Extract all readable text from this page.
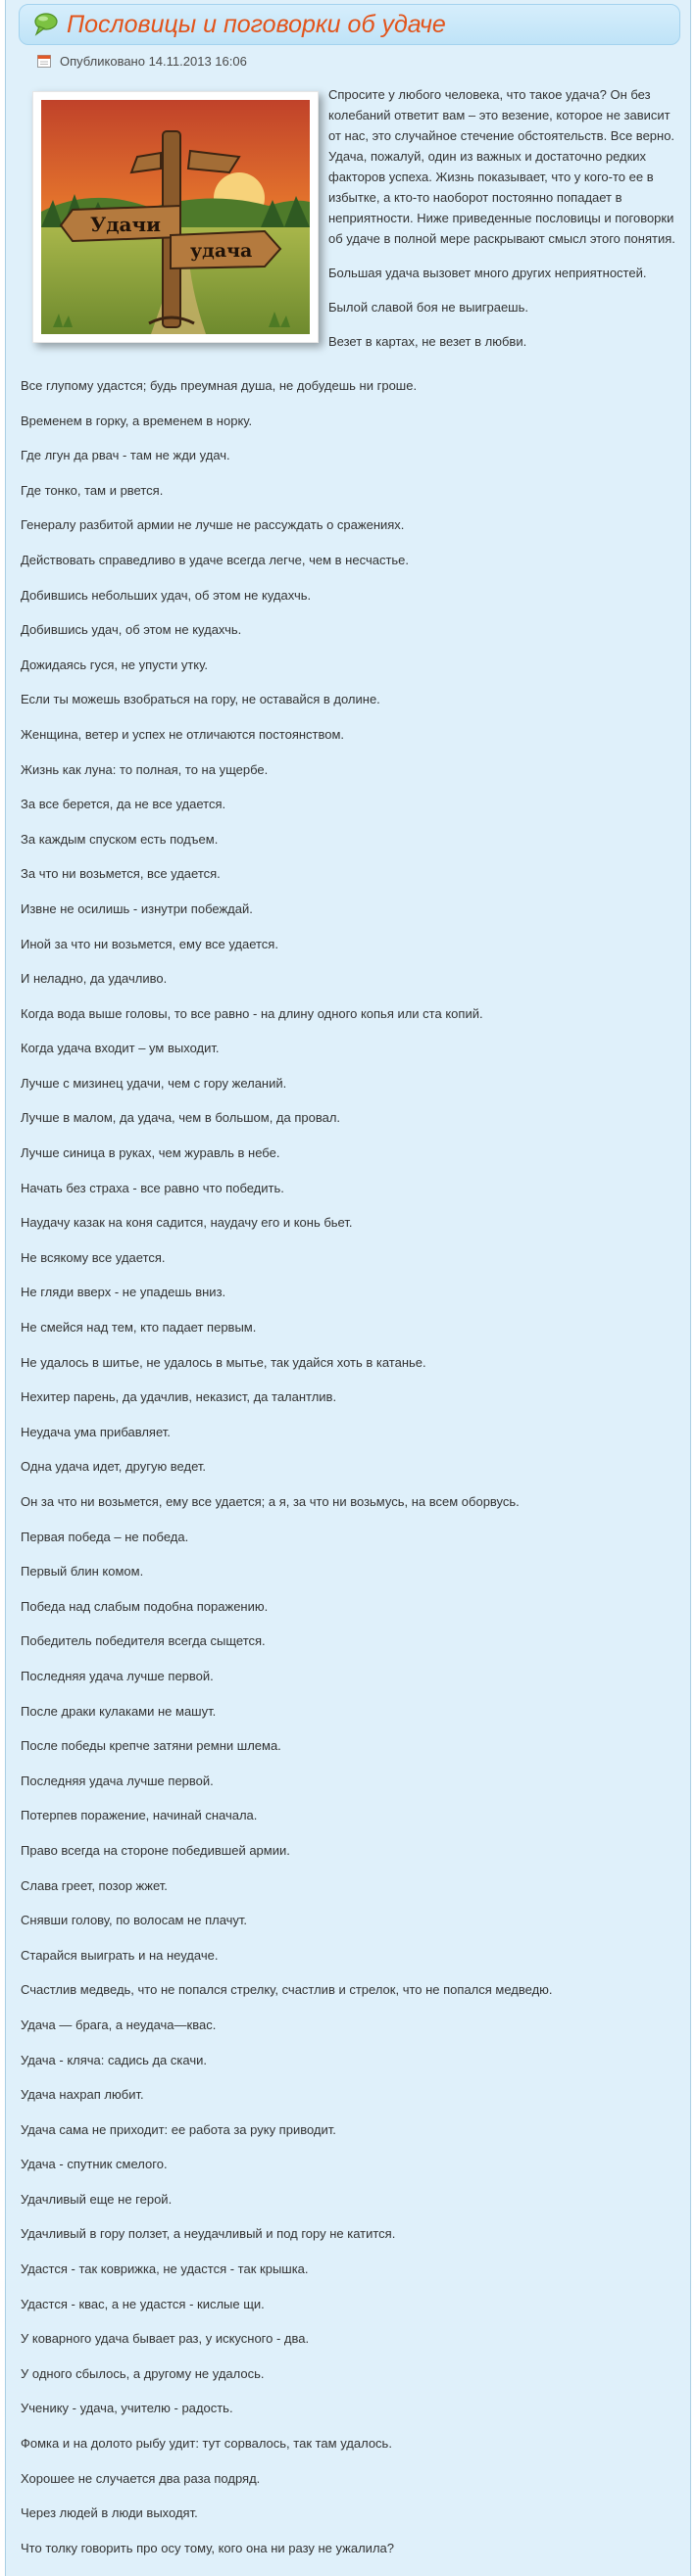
Пословицы и поговорки об удаче
Опубликовано 14.11.2013 16:06
Удачи
удача

Спросите у любого человека, что такое удача? Он без колебаний ответит вам – это везение, которое не зависит от нас, это случайное стечение обстоятельств. Все верно. Удача, пожалуй, один из важных и достаточно редких факторов успеха. Жизнь показывает, что у кого-то ее в избытке, а кто-то наоборот постоянно попадает в неприятности. Ниже приведенные пословицы и поговорки об удаче в полной мере раскрывают смысл этого понятия.

Большая удача вызовет много других неприятностей.

Былой славой боя не выиграешь.

Везет в картах, не везет в любви.

Все глупому удастся; будь преумная душа, не добудешь ни гроше.

Временем в горку, а временем в норку.

Где лгун да рвач - там не жди удач.

Где тонко, там и рвется.

Генералу разбитой армии не лучше не рассуждать о сражениях.

Действовать справедливо в удаче всегда легче, чем в несчастье.

Добившись небольших удач, об этом не кудахчь.

Добившись удач, об этом не кудахчь.

Дожидаясь гуся, не упусти утку.

Если ты можешь взобраться на гору, не оставайся в долине.

Женщина, ветер и успех не отличаются постоянством.

Жизнь как луна: то полная, то на ущербе.

За все берется, да не все удается.

За каждым спуском есть подъем.

За что ни возьмется, все удается.

Извне не осилишь - изнутри побеждай.

Иной за что ни возьмется, ему все удается.

И неладно, да удачливо.

Когда вода выше головы, то все равно - на длину одного копья или ста копий.

Когда удача входит – ум выходит.

Лучше с мизинец удачи, чем с гору желаний.

Лучше в малом, да удача, чем в большом, да провал.

Лучше синица в руках, чем журавль в небе.

Начать без страха - все равно что победить.

Наудачу казак на коня садится, наудачу его и конь бьет.

Не всякому все удается.

Не гляди вверх - не упадешь вниз.

Не смейся над тем, кто падает первым.

Не удалось в шитье, не удалось в мытье, так удайся хоть в катанье.

Нехитер парень, да удачлив, неказист, да талантлив.

Неудача ума прибавляет.

Одна удача идет, другую ведет.

Он за что ни возьмется, ему все удается; а я, за что ни возьмусь, на всем оборвусь.

Первая победа – не победа.

Первый блин комом.

Победа над слабым подобна поражению.

Победитель победителя всегда сыщется.

Последняя удача лучше первой.

После драки кулаками не машут.

После победы крепче затяни ремни шлема.

Последняя удача лучше первой.

Потерпев поражение, начинай сначала.

Право всегда на стороне победившей армии.

Слава греет, позор жжет.

Снявши голову, по волосам не плачут.

Старайся выиграть и на неудаче.

Счастлив медведь, что не попался стрелку, счастлив и стрелок, что не попался медведю.

Удача — брага, а неудача—квас.

Удача - кляча: садись да скачи.

Удача нахрап любит.

Удача сама не приходит: ее работа за руку приводит.

Удача - спутник смелого.

Удачливый еще не герой.

Удачливый в гору ползет, а неудачливый и под гору не катится.

Удастся - так коврижка, не удастся - так крышка.

Удастся - квас, а не удастся - кислые щи.

У коварного удача бывает раз, у искусного - два.

У одного сбылось, а другому не удалось.

Ученику - удача, учителю - радость.

Фомка и на долото рыбу удит: тут сорвалось, так там удалось.

Хорошее не случается два раза подряд.

Через людей в люди выходят.

Что толку говорить про осу тому, кого она ни разу не ужалила?
